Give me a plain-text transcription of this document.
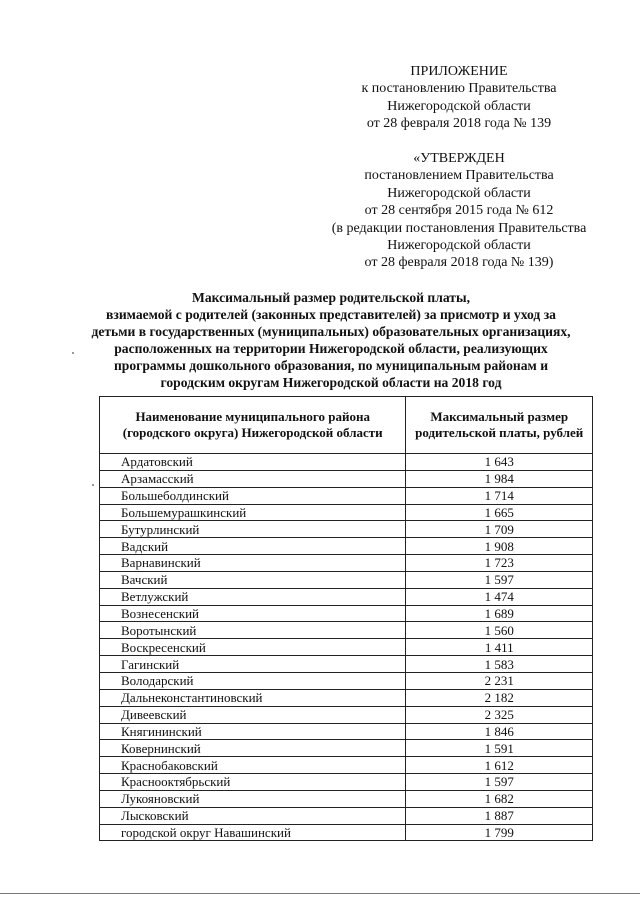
ПРИЛОЖЕНИЕ
к постановлению Правительства
Нижегородской области
от 28 февраля 2018 года № 139
«УТВЕРЖДЕН
постановлением Правительства
Нижегородской области
от 28 сентября 2015 года № 612
(в редакции постановления Правительства
Нижегородской области
от 28 февраля 2018 года № 139)
Максимальный размер родительской платы,
взимаемой с родителей (законных представителей) за присмотр и уход за
детьми в государственных (муниципальных) образовательных организациях,
расположенных на территории Нижегородской области, реализующих
программы дошкольного образования, по муниципальным районам и
городским округам Нижегородской области на 2018 год
Наименование муниципального района (городского округа) Нижегородской области	Максимальный размер родительской платы, рублей
Ардатовский	1 643
Арзамасский	1 984
Большеболдинский	1 714
Большемурашкинский	1 665
Бутурлинский	1 709
Вадский	1 908
Варнавинский	1 723
Вачский	1 597
Ветлужский	1 474
Вознесенский	1 689
Воротынский	1 560
Воскресенский	1 411
Гагинский	1 583
Володарский	2 231
Дальнеконстантиновский	2 182
Дивеевский	2 325
Княгининский	1 846
Ковернинский	1 591
Краснобаковский	1 612
Краснооктябрьский	1 597
Лукояновский	1 682
Лысковский	1 887
городской округ Навашинский	1 799
